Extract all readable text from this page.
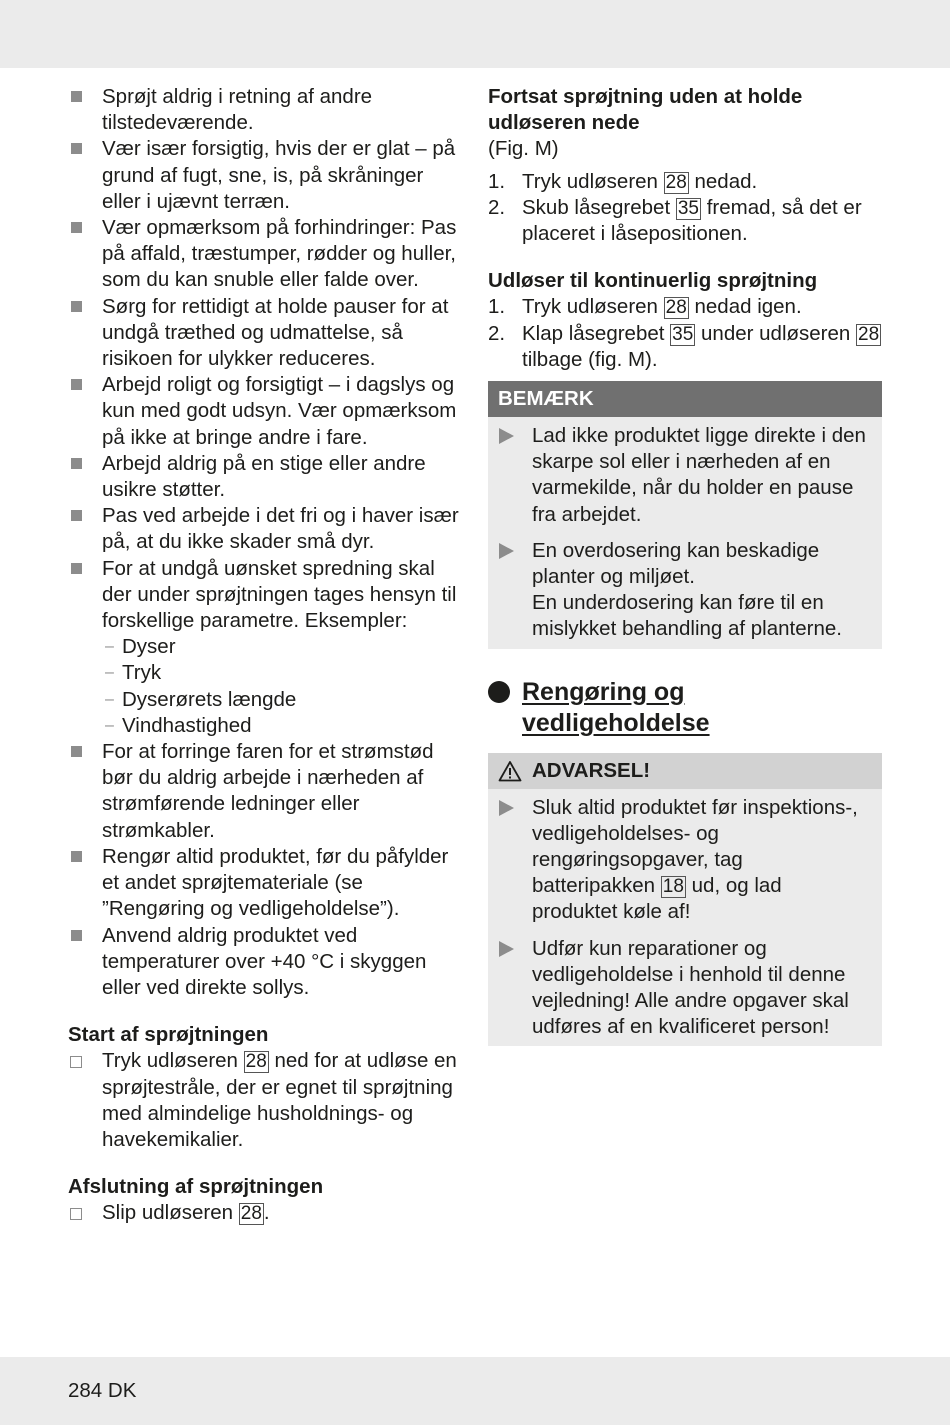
Sprøjt aldrig i retning af andre tilstedeværende.
Vær især forsigtig, hvis der er glat – på grund af fugt, sne, is, på skråninger eller i ujævnt terræn.
Vær opmærksom på forhindringer: Pas på affald, træstumper, rødder og huller, som du kan snuble eller falde over.
Sørg for rettidigt at holde pauser for at undgå træthed og udmattelse, så risikoen for ulykker reduceres.
Arbejd roligt og forsigtigt – i dagslys og kun med godt udsyn. Vær opmærksom på ikke at bringe andre i fare.
Arbejd aldrig på en stige eller andre usikre støtter.
Pas ved arbejde i det fri og i haver især på, at du ikke skader små dyr.
For at undgå uønsket spredning skal der under sprøjtningen tages hensyn til forskellige parametre. Eksempler:
– Dyser
– Tryk
– Dyserørets længde
– Vindhastighed
For at forringe faren for et strømstød bør du aldrig arbejde i nærheden af strømførende ledninger eller strømkabler.
Rengør altid produktet, før du påfylder et andet sprøjtemateriale (se ”Rengøring og vedligeholdelse”).
Anvend aldrig produktet ved temperaturer over +40 °C i skyggen eller ved direkte sollys.
Start af sprøjtningen
Tryk udløseren 28 ned for at udløse en sprøjtestråle, der er egnet til sprøjtning med almindelige husholdnings- og havekemikalier.
Afslutning af sprøjtningen
Slip udløseren 28.
Fortsat sprøjtning uden at holde udløseren nede
(Fig. M)
1. Tryk udløseren 28 nedad.
2. Skub låsegrebet 35 fremad, så det er placeret i låsepositionen.
Udløser til kontinuerlig sprøjtning
1. Tryk udløseren 28 nedad igen.
2. Klap låsegrebet 35 under udløseren 28 tilbage (fig. M).
BEMÆRK
Lad ikke produktet ligge direkte i den skarpe sol eller i nærheden af en varmekilde, når du holder en pause fra arbejdet.
En overdosering kan beskadige planter og miljøet.
En underdosering kan føre til en mislykket behandling af planterne.
Rengøring og
vedligeholdelse
ADVARSEL!
Sluk altid produktet før inspektions-, vedligeholdelses- og rengøringsopgaver, tag batteripakken 18 ud, og lad produktet køle af!
Udfør kun reparationer og vedligeholdelse i henhold til denne vejledning! Alle andre opgaver skal udføres af en kvalificeret person!
284 DK
